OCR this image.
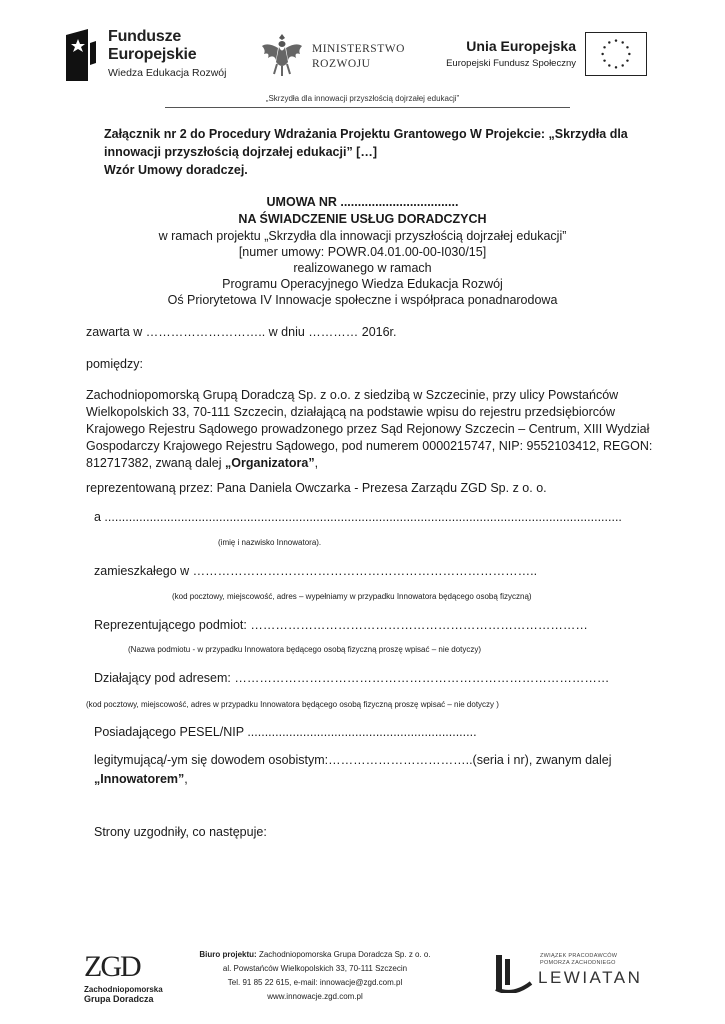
Fundusze
Europejskie
Wiedza Edukacja Rozwój
MINISTERSTWO
ROZWOJU
Unia Europejska
Europejski Fundusz Społeczny
„Skrzydła dla innowacji przyszłością dojrzałej edukacji”
Załącznik nr 2 do Procedury Wdrażania Projektu Grantowego W Projekcie: „Skrzydła dla
innowacji przyszłością dojrzałej edukacji” […]
Wzór Umowy doradczej.
UMOWA NR ..................................
NA ŚWIADCZENIE USŁUG DORADCZYCH
w ramach projektu „Skrzydła dla innowacji przyszłością dojrzałej edukacji”
[numer umowy: POWR.04.01.00-00-I030/15]
realizowanego w ramach
Programu Operacyjnego Wiedza Edukacja Rozwój
Oś Priorytetowa IV Innowacje społeczne i współpraca ponadnarodowa
zawarta w ……………………….. w dniu ………… 2016r.
pomiędzy:
Zachodniopomorską Grupą Doradczą Sp. z o.o. z siedzibą w Szczecinie, przy ulicy Powstańców
Wielkopolskich 33, 70-111 Szczecin, działającą na podstawie wpisu do rejestru przedsiębiorców
Krajowego Rejestru Sądowego prowadzonego przez Sąd Rejonowy Szczecin – Centrum, XIII Wydział
Gospodarczy Krajowego Rejestru Sądowego, pod numerem 0000215747, NIP: 9552103412, REGON:
812717382, zwaną dalej „Organizatora”,
reprezentowaną przez: Pana Daniela Owczarka - Prezesa Zarządu ZGD Sp. z o. o.
a .....................................................................................................................................................
(imię i nazwisko Innowatora).
zamieszkałego w ………………………………………………………………………..
(kod pocztowy, miejscowość, adres – wypełniamy w przypadku Innowatora będącego osobą fizyczną)
Reprezentującego podmiot: ………………………………………………………………………
(Nazwa podmiotu - w przypadku Innowatora będącego osobą fizyczną proszę wpisać – nie dotyczy)
Działający pod adresem: ………………………………………………………………………………
(kod pocztowy, miejscowość, adres w przypadku Innowatora będącego osobą fizyczną proszę wpisać – nie dotyczy )
Posiadającego PESEL/NIP ..................................................................
legitymującą/-ym się dowodem osobistym:……………………………..(seria i nr), zwanym dalej
„Innowatorem”,
Strony uzgodniły, co następuje:
ZGD
Zachodniopomorska
Grupa Doradcza
Biuro projektu: Zachodniopomorska Grupa Doradcza Sp. z o. o.
al. Powstańców Wielkopolskich 33, 70-111 Szczecin
Tel. 91 85 22 615, e-mail: innowacje@zgd.com.pl
www.innowacje.zgd.com.pl
ZWIĄZEK PRACODAWCÓW
POMORZA ZACHODNIEGO
LEWIATAN
